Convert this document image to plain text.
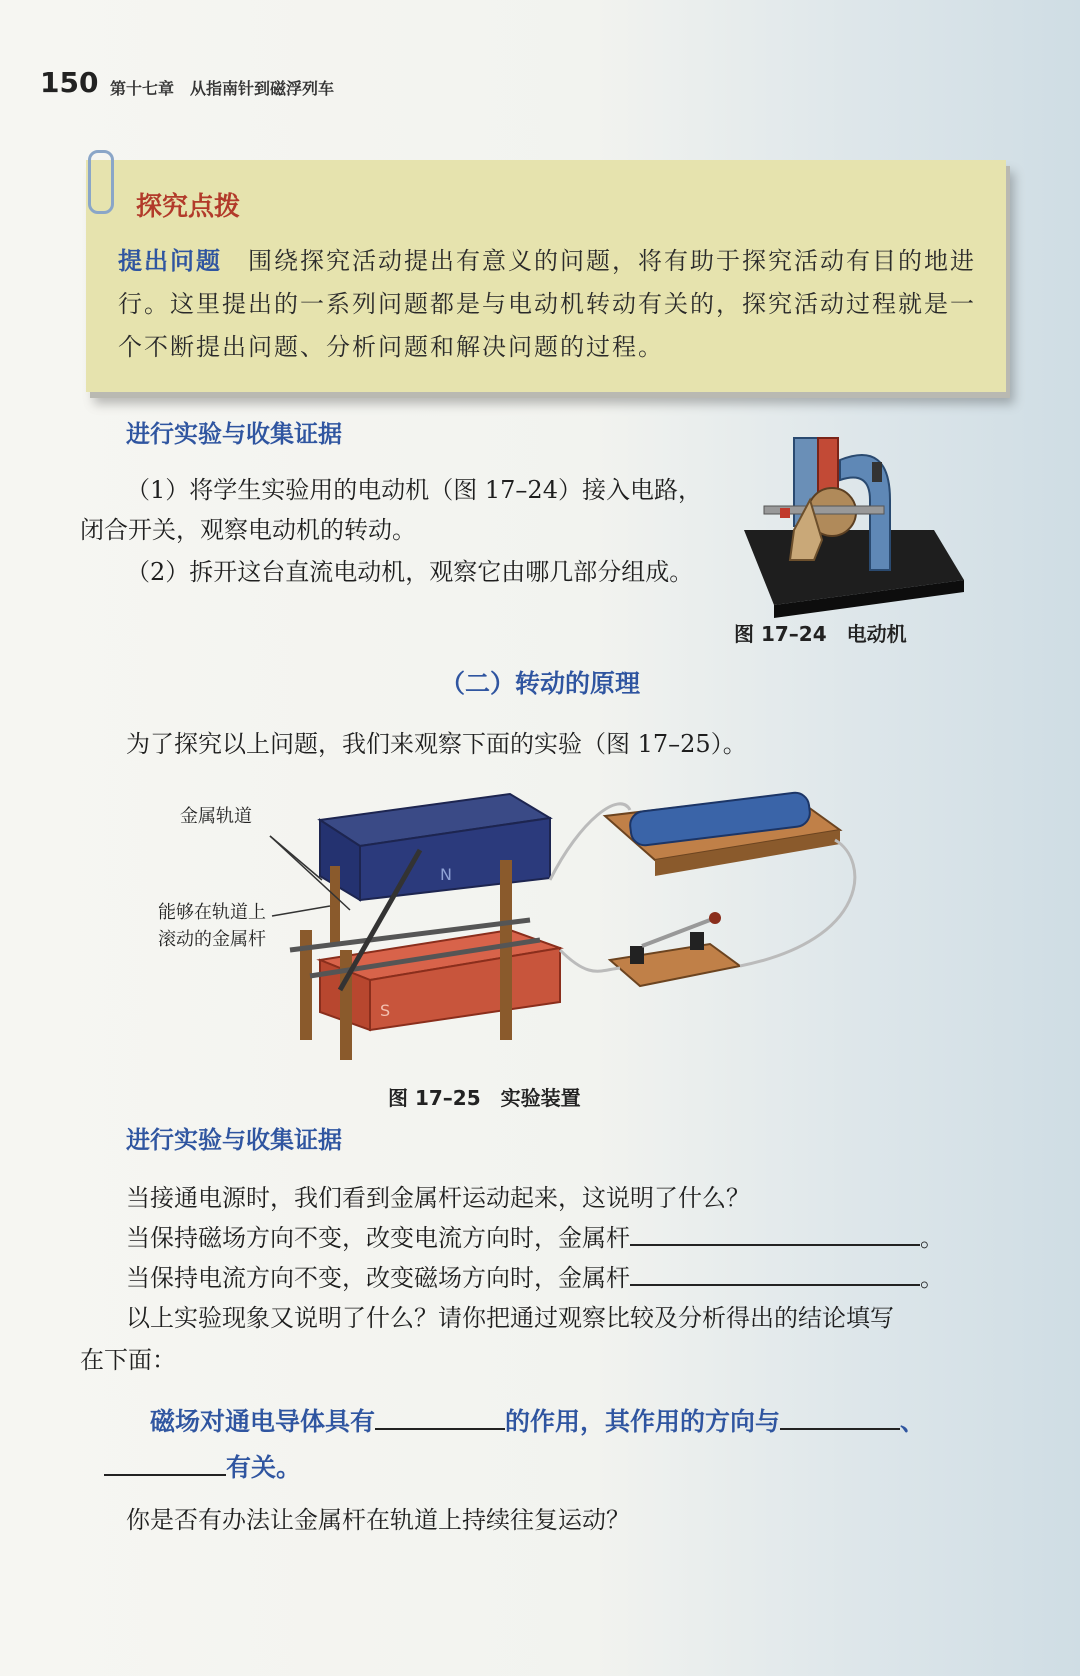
150 第十七章　从指南针到磁浮列车
探究点拨
提出问题　围绕探究活动提出有意义的问题，将有助于探究活动有目的地进行。这里提出的一系列问题都是与电动机转动有关的，探究活动过程就是一个不断提出问题、分析问题和解决问题的过程。
进行实验与收集证据
（1）将学生实验用的电动机（图 17–24）接入电路，
闭合开关，观察电动机的转动。
（2）拆开这台直流电动机，观察它由哪几部分组成。
图 17–24　电动机
（二）转动的原理
为了探究以上问题，我们来观察下面的实验（图 17–25）。
N
S
金属轨道
能够在轨道上
滚动的金属杆
图 17–25　实验装置
进行实验与收集证据
当接通电源时，我们看到金属杆运动起来，这说明了什么？
当保持磁场方向不变，改变电流方向时，金属杆	。
当保持电流方向不变，改变磁场方向时，金属杆	。
以上实验现象又说明了什么？请你把通过观察比较及分析得出的结论填写
在下面：
磁场对通电导体具有	的作用，其作用的方向与	、
有关。
你是否有办法让金属杆在轨道上持续往复运动？
